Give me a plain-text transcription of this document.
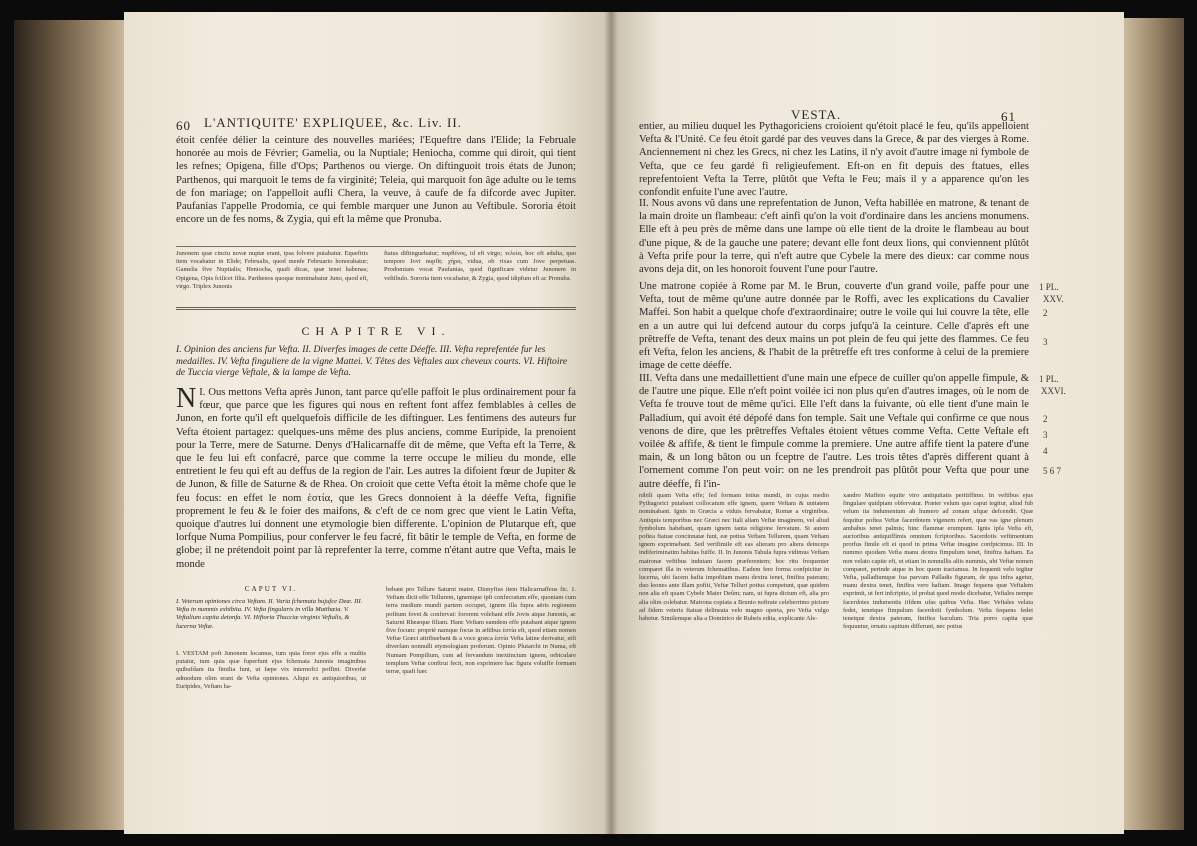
60 L'ANTIQUITE' EXPLIQUEE, &c. Liv. II.
étoit cenfée délier la ceinture des nouvelles mariées; l'Equeftre dans l'Elide; la Februale honorée au mois de Février; Gamelia, ou la Nuptiale; Heniocha, comme qui diroit, qui tient les refnes; Opigena, fille d'Ops; Parthenos ou vierge. On diftinguoit trois états de Junon; Parthenos, qui marquoit le tems de fa virginité; Teleia, qui marquoit fon âge adulte ou le tems de fon mariage; on l'appelloit aufli Chera, la veuve, à caufe de fa difcorde avec Jupiter. Paufanias l'appelle Prodomia, ce qui femble marquer une Junon au Veftibule. Sororia étoit encore un de fes noms, & Zygia, qui eft la même que Pronuba.
Junonem quæ cinctu novæ nuptæ erant, ipsa folvere putabatur. Equeftris item vocabatur in Elide; Februalis, quod menfe Februario honorabatur; Gamelia five Nuptialis; Heniocha, quafi dicas, quæ tenet habenas; Opigena, Opis fcilicet filia. Parthenos quoque nominabatur Juno, quod eft, virgo. Triplex Junonis
ftatus diftinguebatur; παρθένος, id eft virgo; τελεία, hoc eft adulta, quo tempore Jovi nupfit; χήρα, vidua, ob rixas cum Jove perpetuas. Prodomiam vocat Paufanias, quod fignificare videtur Junonem in veftibulo. Sororia item vocabatur, & Zygia, quod idipfum eft ac Pronuba.
CHAPITRE VI.
I. Opinion des anciens fur Vefta. II. Diverfes images de cette Déeffe. III. Vefta reprefentée fur les medailles. IV. Vefta finguliere de la vigne Mattei. V. Têtes des Veftales aux cheveux courts. VI. Hiftoire de Tuccia vierge Veftale, & la lampe de Vefta.
I.
N Ous mettons Vefta après Junon, tant parce qu'elle paffoit le plus ordinairement pour fa fœur, que parce que les figures qui nous en reftent font affez femblables à celles de Junon, en forte qu'il eft quelquefois difficile de les diftinguer. Les fentimens des auteurs fur Vefta étoient partagez: quelques-uns même des plus anciens, comme Euripide, la prenoient pour la Terre, mere de Saturne. Denys d'Halicarnaffe dit de même, que Vefta eft la Terre, & que le feu lui eft confacré, parce que comme la terre occupe le milieu du monde, elle entretient le feu qui eft au deffus de la region de l'air. Les autres la difoient fœur de Jupiter & de Junon, & fille de Saturne & de Rhea. On croioit que cette Vefta étoit la même chofe que le feu focus: en effet le nom ἑστία, que les Grecs donnoient à la déeffe Vefta, fignifie proprement le feu & le foier des maifons, & c'eft de ce nom grec que vient le Latin Vefta, quoique d'autres lui donnent une etymologie bien differente. L'opinion de Plutarque eft, que lorfque Numa Pompilius, pour conferver le feu facré, fit bâtir le temple de Vefta, en forme de globe; il ne prétendoit point par là reprefenter la terre, comme n'étant autre que Vefta, mais le monde
CAPUT VI.
I. Veterum opiniones circa Veftam. II. Varia fchemata hujufce Deæ. III. Vefta in nummis exhibita. IV. Vefta fingularis in villa Matthæia. V. Veftalium capita detonfa. VI. Hiftoria Thucciæ virginis Veftalis, & lucerna Veftæ.
I. VESTAM poft Junonem locamus, tum quia foror ejus effe a multis putatur, tum quia quæ fuperfunt ejus fchemata Junonis imaginibus quibufdam ita fimilia funt, ut fæpe vix internofci poffint. Diverfæ admodum olim erant de Vefta opiniones. Aliqui ex antiquioribus, ut Euripides, Veftam ha-
bebant pro Tellure Saturni matre. Dionyfius item Halicarnaffeus fic. 1. Veftam dicit effe Tellurem, ignemque ipfi confecratum effe, quoniam cum terra medium mundi partem occupet, ignem illa fupra aëris regionem pofitum fovet & confervat: fororem volebant effe Jovis atque Junonis, ac Saturni Rheæque filiam. Hanc Veftam eamdem effe putabant atque ignem five focum: propriè namque focus in æftibus ἑστία eft, quod etiam nomen Veftæ Græci attribuebant & a voce græca ἑστία Vefta latine derivatur, etfi diverfam nonnulli etymologiam proferunt. Opinio Plutarchi in Numa, eft Numam Pompilium, cum ad fervandum inextinctum ignem, orbiculare templum Veftæ conftrui fecit, non exprimere hac figura voluiffe formam terræ, quafi hæc
VESTA.	61
entier, au milieu duquel les Pythagoriciens croioient qu'étoit placé le feu, qu'ils appelloient Vefta & l'Unité. Ce feu étoit gardé par des veuves dans la Grece, & par des vierges à Rome. Anciennement ni chez les Grecs, ni chez les Latins, il n'y avoit d'autre image ni fymbole de Vefta, que ce feu gardé fi religieufement. Eft-on en fit depuis des ftatues, elles reprefentoient Vefta la Terre, plûtôt que Vefta le Feu; mais il y a apparence qu'on les confondit enfuite l'une avec l'autre.
II. Nous avons vû dans une reprefentation de Junon, Vefta habillée en matrone, & tenant de la main droite un flambeau: c'eft ainfi qu'on la voit d'ordinaire dans les anciens monumens. Elle eft à peu près de même dans une lampe où elle tient de la droite le flambeau au bout d'une pique, & de la gauche une patere; devant elle font deux lions, qui conviennent plûtôt à Vefta prife pour la terre, qui n'eft autre que Cybele la mere des dieux: car comme nous avons deja dit, on les honoroit fouvent l'une pour l'autre.
Une matrone copiée à Rome par M. le Brun, couverte d'un grand voile, paffe pour une Vefta, tout de même qu'une autre donnée par le Roffi, avec les explications du Cavalier Maffei. Son habit a quelque chofe d'extraordinaire; outre le voile qui lui couvre la tête, elle en a un autre qui lui defcend autour du corps jufqu'à la ceinture. Celle d'après eft une prêtreffe de Vefta, tenant des deux mains un pot plein de feu qui jette des flammes. Ce feu eft Vefta, felon les anciens, & l'habit de la prêtreffe eft tres conforme à celui de la premiere image de cette déeffe.
III. Vefta dans une medaillettient d'une main une efpece de cuiller qu'on appelle fimpule, & de l'autre une pique. Elle n'eft point voilée ici non plus qu'en d'autres images, où le nom de Vefta fe trouve tout de même qu'ici. Elle l'eft dans la fuivante, où elle tient d'une main le Palladium, qui avoit été dépofé dans fon temple. Sait une Veftale qui confirme ce que nous venons de dire, que les prêtreffes Veftales étoient vêtues comme Vefta. Cette Veftale eft voilée & affife, & tient le fimpule comme la premiere. Une autre affife tient la patere d'une main, & un long bâton ou un fceptre de l'autre. Les trois têtes d'après different quant à l'ornement comme l'on peut voir: on ne les prendroit pas plûtôt pour Vefta que pour une autre déeffe, fi l'in-
1 PL.
XXV.
2
3
1 PL.
XXVI.
2
3
4
5 6 7
nibili quam Vefta effe; fed formam totius mundi, in cujus medio Pythagorici putabant collocatum effe ignem, quem Veftam & unitatem nominabant. Ignis in Græcia a viduis fervabatur, Romæ a virginibus. Antiquis temporibus nec Græci nec Itali aliam Veftæ imaginem, vel aliud fymbolum habebant, quam ignem tanta religione fervatum. Si autem poftea ftatuæ concinnatæ funt, eæ potius Veftam Tellurem, quam Veftam ignem exprimebant. Sed verifimile eft eas alteram pro altera deinceps indiferiminatim habitas fuiffe. II. In Junonis Tabula fupra vidimus Veftam matronæ veftibus indutam facem præferentem; hoc ritu frequenter comparet illa in veterum fchematibus. Eadem fere forma confpicitur in lucerna, ubi facem hafta impofitam manu dextra tenet, finiftra pateram; duo leones ante illam pofiti, Veftæ Telluri potius competunt, quæ quidem non alia eft quam Cybele Mater Deûm; nam, ut fupra dictum eft, alia pro alia olim colebatur. Matrona copiata a Brunio noftrate celeberrimo pictore ad fidem veteris ftatuæ delineata velo magno operta, pro Vefta vulgo habetur. Similemque alia a Dominico de Rubeis edita, explicante Ale-
xandro Maffeio equite viro antiquitatis peritiffimo. In veftibus ejus fingulare quidpiam obfervatur. Præter velum quo caput tegitur, aliud fub velum ita indumentum ab humero ad zonam ufque defcendit. Quæ fequitur poftea Veftæ facerdotem vigenem refert, quæ vas igne plenum ambabus tenet palmis; hinc flammæ erumpunt. Ignis ipfa Vefta eft, auctoribus antiquiffimis omnium fcriptoribus. Sacerdotis veftimentum prorfus fimile eft ei quod in prima Veftæ imagine confpicimus. III. In nummo quodam Vefta manu dextra fimpulum tenet, finiftra haftam. Ea non velato capite eft, ut etiam in nonnullis aliis nummis, ubi Veftæ nomen comparet, perinde atque in hoc quem tractamus. In fequenti velo tegitur Vefta, palladiumque fua parvam Palladis figuram, de qua infra agetur, manu dextra tenet, finiftra vero haftam. Imago fequens quæ Veftalem exprimit, ut fert infcriptio, id probat quod modo dicebatur, Veftales nempe facerdotes indumentis iifdem ufas quibus Vefta. Hæc Veftales velata fedet, tenetque fimpulum facerdotii fymbolum. Vefta fequens fedet tenetque dextra pateram, finiftra baculum. Tria porro capita quæ fequuntur, ornatu capitum differunt, nec potius
